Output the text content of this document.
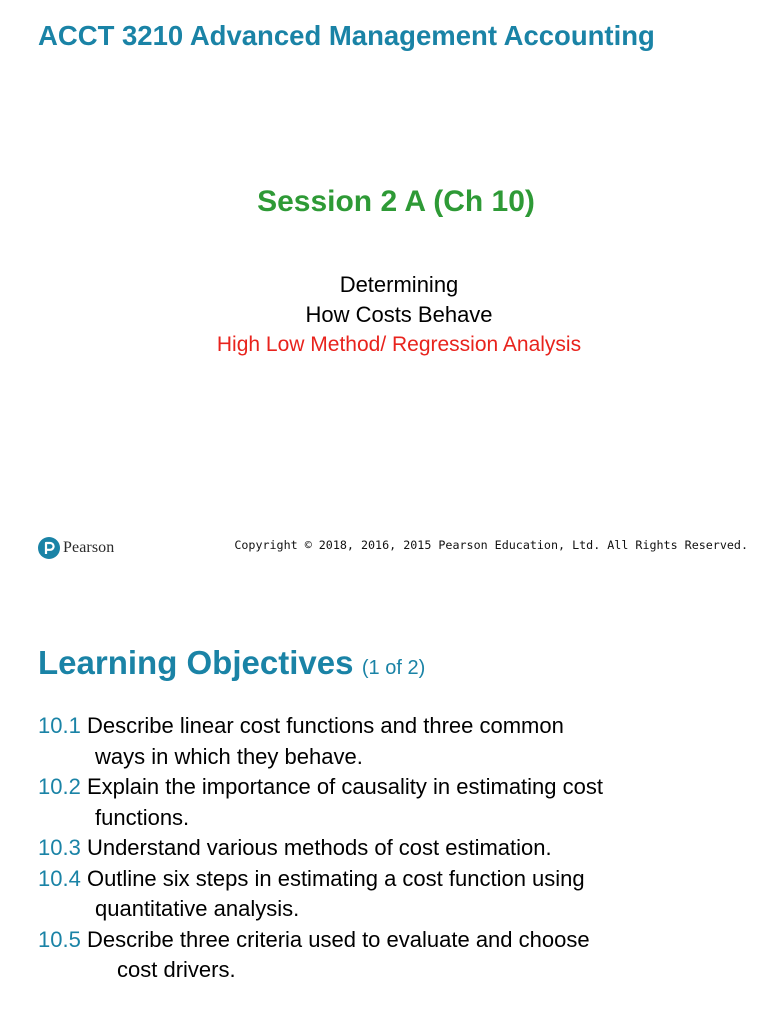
ACCT 3210 Advanced Management Accounting
Session 2 A (Ch 10)
Determining
How Costs Behave
High Low Method/ Regression Analysis
Pearson	Copyright © 2018, 2016, 2015 Pearson Education, Ltd. All Rights Reserved.
Learning Objectives (1 of 2)
10.1 Describe linear cost functions and three common
ways in which they behave.
10.2 Explain the importance of causality in estimating cost
functions.
10.3 Understand various methods of cost estimation.
10.4 Outline six steps in estimating a cost function using
quantitative analysis.
10.5 Describe three criteria used to evaluate and choose
cost drivers.
